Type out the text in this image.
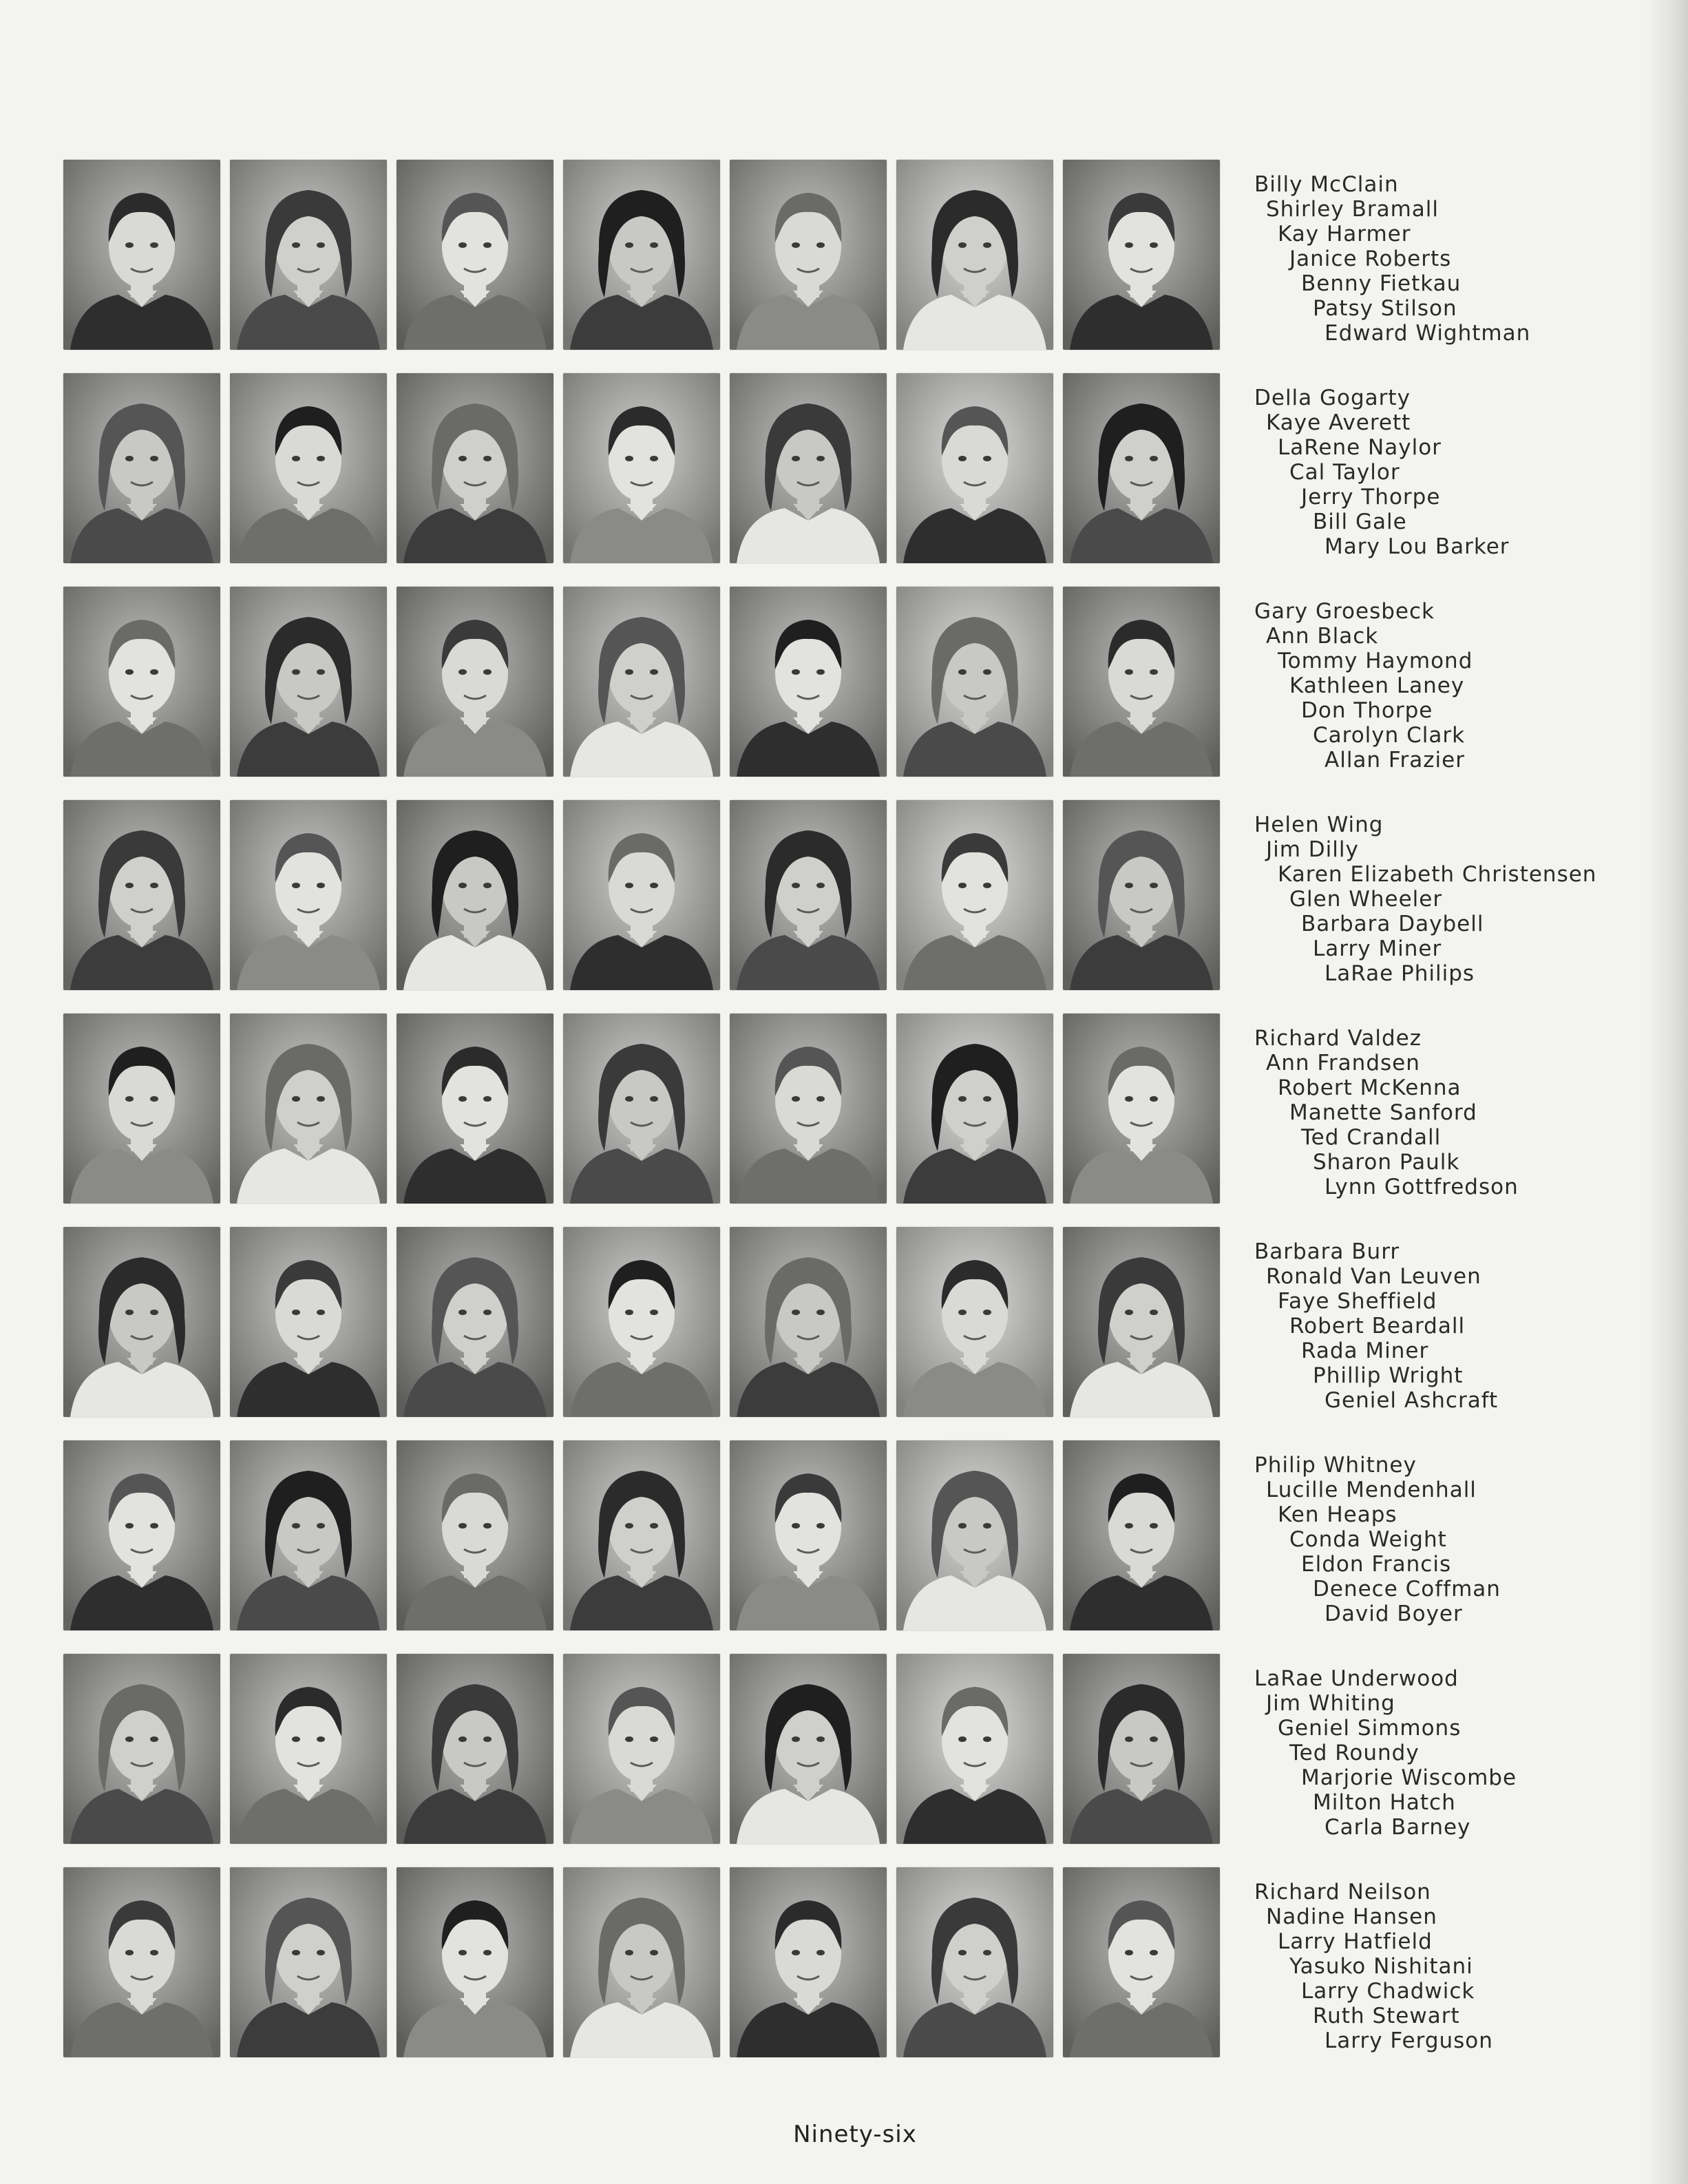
Billy McClain
Shirley Bramall
Kay Harmer
Janice Roberts
Benny Fietkau
Patsy Stilson
Edward Wightman
Della Gogarty
Kaye Averett
LaRene Naylor
Cal Taylor
Jerry Thorpe
Bill Gale
Mary Lou Barker
Gary Groesbeck
Ann Black
Tommy Haymond
Kathleen Laney
Don Thorpe
Carolyn Clark
Allan Frazier
Helen Wing
Jim Dilly
Karen Elizabeth Christensen
Glen Wheeler
Barbara Daybell
Larry Miner
LaRae Philips
Richard Valdez
Ann Frandsen
Robert McKenna
Manette Sanford
Ted Crandall
Sharon Paulk
Lynn Gottfredson
Barbara Burr
Ronald Van Leuven
Faye Sheffield
Robert Beardall
Rada Miner
Phillip Wright
Geniel Ashcraft
Philip Whitney
Lucille Mendenhall
Ken Heaps
Conda Weight
Eldon Francis
Denece Coffman
David Boyer
LaRae Underwood
Jim Whiting
Geniel Simmons
Ted Roundy
Marjorie Wiscombe
Milton Hatch
Carla Barney
Richard Neilson
Nadine Hansen
Larry Hatfield
Yasuko Nishitani
Larry Chadwick
Ruth Stewart
Larry Ferguson
Ninety-six
